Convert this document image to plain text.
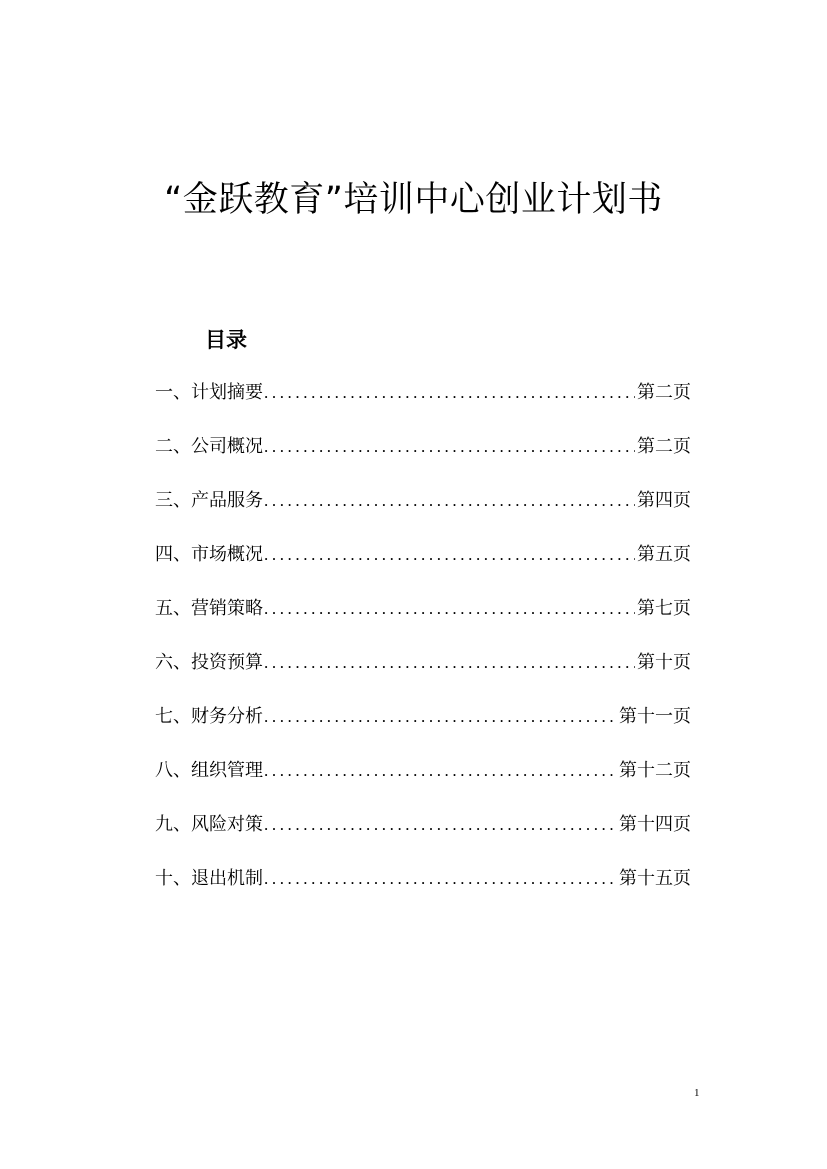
“金跃教育”培训中心创业计划书
目录
一、计划摘要 .....	第二页
二、公司概况 .....	第二页
三、产品服务 .....	第四页
四、市场概况 .....	第五页
五、营销策略 .....	第七页
六、投资预算 .....	第十页
七、财务分析 .....	第十一页
八、组织管理 .....	第十二页
九、风险对策 .....	第十四页
十、退出机制 .....	第十五页
1
